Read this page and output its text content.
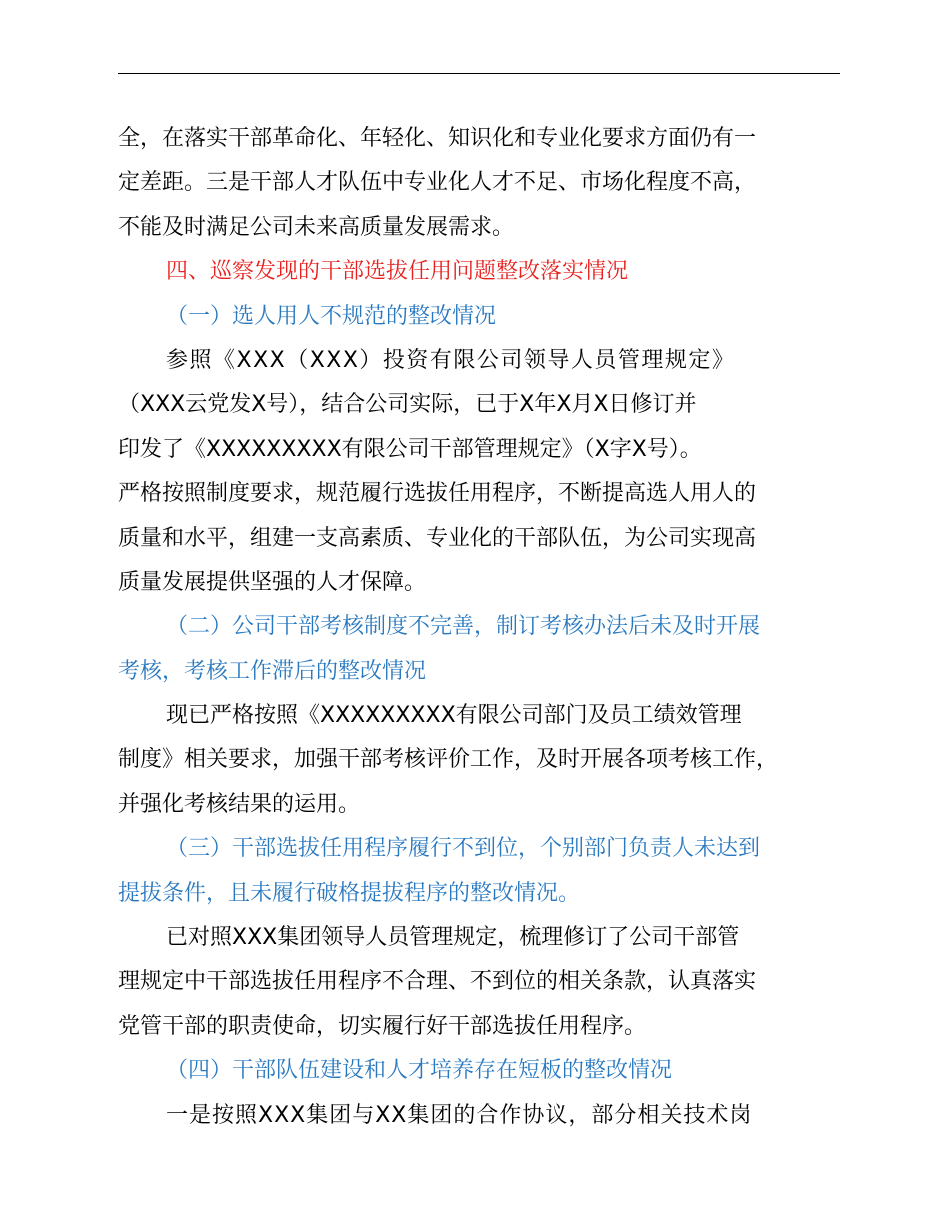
全，在落实干部革命化、年轻化、知识化和专业化要求方面仍有一
定差距。三是干部人才队伍中专业化人才不足、市场化程度不高，
不能及时满足公司未来高质量发展需求。
四、巡察发现的干部选拔任用问题整改落实情况
（一）选人用人不规范的整改情况
参照《XXX（XXX）投资有限公司领导人员管理规定》
（XXX云党发X号），结合公司实际，已于X年X月X日修订并
印发了《XXXXXXXXX有限公司干部管理规定》（X字X号）。
严格按照制度要求，规范履行选拔任用程序，不断提高选人用人的
质量和水平，组建一支高素质、专业化的干部队伍，为公司实现高
质量发展提供坚强的人才保障。
（二）公司干部考核制度不完善，制订考核办法后未及时开展
考核，考核工作滞后的整改情况
现已严格按照《XXXXXXXXX有限公司部门及员工绩效管理
制度》相关要求，加强干部考核评价工作，及时开展各项考核工作，
并强化考核结果的运用。
（三）干部选拔任用程序履行不到位，个别部门负责人未达到
提拔条件，且未履行破格提拔程序的整改情况。
已对照XXX集团领导人员管理规定，梳理修订了公司干部管
理规定中干部选拔任用程序不合理、不到位的相关条款，认真落实
党管干部的职责使命，切实履行好干部选拔任用程序。
（四）干部队伍建设和人才培养存在短板的整改情况
一是按照XXX集团与XX集团的合作协议，部分相关技术岗
